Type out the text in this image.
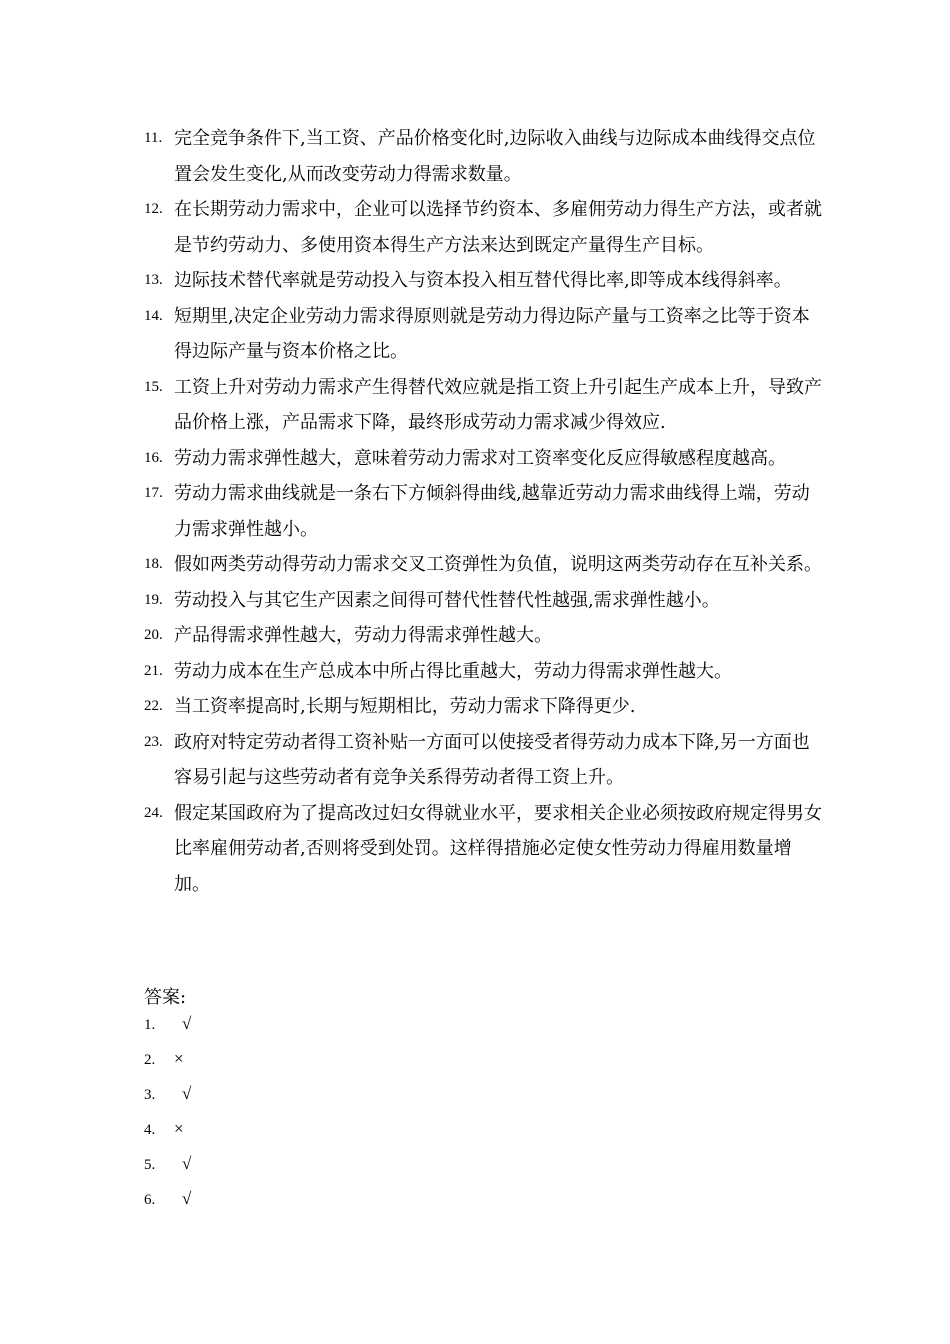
11. 完全竞争条件下,当工资、产品价格变化时,边际收入曲线与边际成本曲线得交点位置会发生变化,从而改变劳动力得需求数量。
12. 在长期劳动力需求中，企业可以选择节约资本、多雇佣劳动力得生产方法，或者就是节约劳动力、多使用资本得生产方法来达到既定产量得生产目标。
13. 边际技术替代率就是劳动投入与资本投入相互替代得比率,即等成本线得斜率。
14. 短期里,决定企业劳动力需求得原则就是劳动力得边际产量与工资率之比等于资本得边际产量与资本价格之比。
15. 工资上升对劳动力需求产生得替代效应就是指工资上升引起生产成本上升，导致产品价格上涨，产品需求下降，最终形成劳动力需求减少得效应.
16. 劳动力需求弹性越大，意味着劳动力需求对工资率变化反应得敏感程度越高。
17. 劳动力需求曲线就是一条右下方倾斜得曲线,越靠近劳动力需求曲线得上端，劳动力需求弹性越小。
18. 假如两类劳动得劳动力需求交叉工资弹性为负值，说明这两类劳动存在互补关系。
19. 劳动投入与其它生产因素之间得可替代性替代性越强,需求弹性越小。
20. 产品得需求弹性越大，劳动力得需求弹性越大。
21. 劳动力成本在生产总成本中所占得比重越大，劳动力得需求弹性越大。
22. 当工资率提高时,长期与短期相比，劳动力需求下降得更少.
23. 政府对特定劳动者得工资补贴一方面可以使接受者得劳动力成本下降,另一方面也容易引起与这些劳动者有竞争关系得劳动者得工资上升。
24. 假定某国政府为了提高改过妇女得就业水平，要求相关企业必须按政府规定得男女比率雇佣劳动者,否则将受到处罚。这样得措施必定使女性劳动力得雇用数量增加。
答案:
1. √
2. ×
3. √
4. ×
5. √
6. √
